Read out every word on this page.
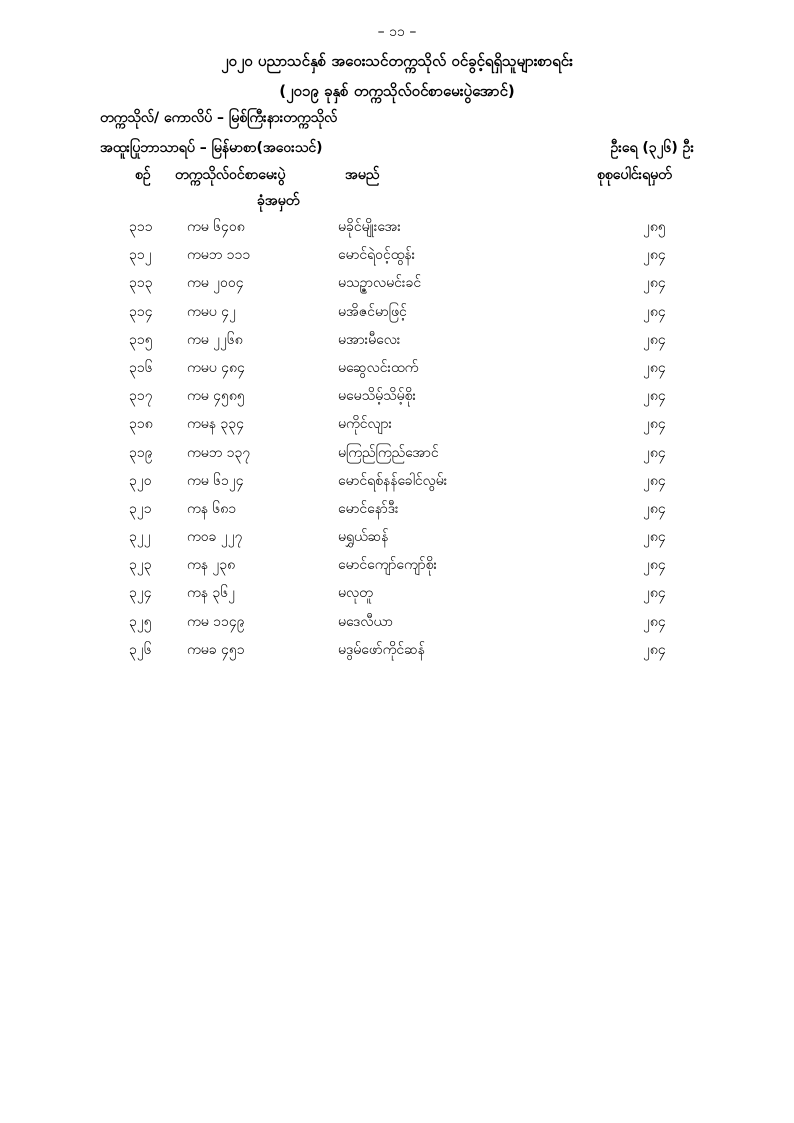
– ၁၁ –
၂၀၂၀ ပညာသင်နှစ် အဝေးသင်တက္ကသိုလ် ဝင်ခွင့်ရရှိသူများစာရင်း
(၂၀၁၉ ခုနှစ် တက္ကသိုလ်ဝင်စာမေးပွဲအောင်)
တက္ကသိုလ်/ ကောလိပ် – မြစ်ကြီးနားတက္ကသိုလ်
အထူးပြုဘာသာရပ် – မြန်မာစာ(အဝေးသင်)	ဦးရေ (၃၂၆) ဦး
စဉ် တက္ကသိုလ်ဝင်စာမေးပွဲ
ခုံအမှတ်
အမည်	စုစုပေါင်းရမှတ်
၃၁၁ ကမ ၆၄၀၈	မခိုင်မျိုးအေး	၂၈၅
၃၁၂	ကမဘ ၁၁၁	မောင်ရဲဝင့်ထွန်း	၂၈၄
၃၁၃ ကမ ၂၀၀၄	မသဉ္ဇာလမင်းခင်	၂၈၄
၃၁၄ ကမပ ၄၂	မအိဇင်မာဖြင့်	၂၈၄
၃၁၅ ကမ ၂၂၆၈	မအားမီလေး	၂၈၄
၃၁၆ ကမပ ၄၈၄	မဆွေလင်းထက်	၂၈၄
၃၁၇ ကမ ၄၅၈၅	မမေသိမ့်သိမ့်စိုး	၂၈၄
၃၁၈ ကမန ၃၃၄	မကိုင်လျား	၂၈၄
၃၁၉ ကမဘ ၁၃၇	မကြည်ကြည်အောင်	၂၈၄
၃၂၀	ကမ ၆၁၂၄	မောင်ရစ်နန်ခေါင်လွမ်း	၂၈၄
၃၂၁	ကန ၆၈၁	မောင်နော်ဒီး	၂၈၄
၃၂၂	ကဝခ ၂၂၇	မရွှယ်ဆန်	၂၈၄
၃၂၃	ကန ၂၃၈	မောင်ကျော်ကျော်စိုး	၂၈၄
၃၂၄	ကန ၃၆၂	မလုတူ	၂၈၄
၃၂၅	ကမ ၁၁၄၉	မဒေလီယာ	၂၈၄
၃၂၆	ကမခ ၄၅၁	မဒွမ်ဖော်ကိုင်ဆန်	၂၈၄
